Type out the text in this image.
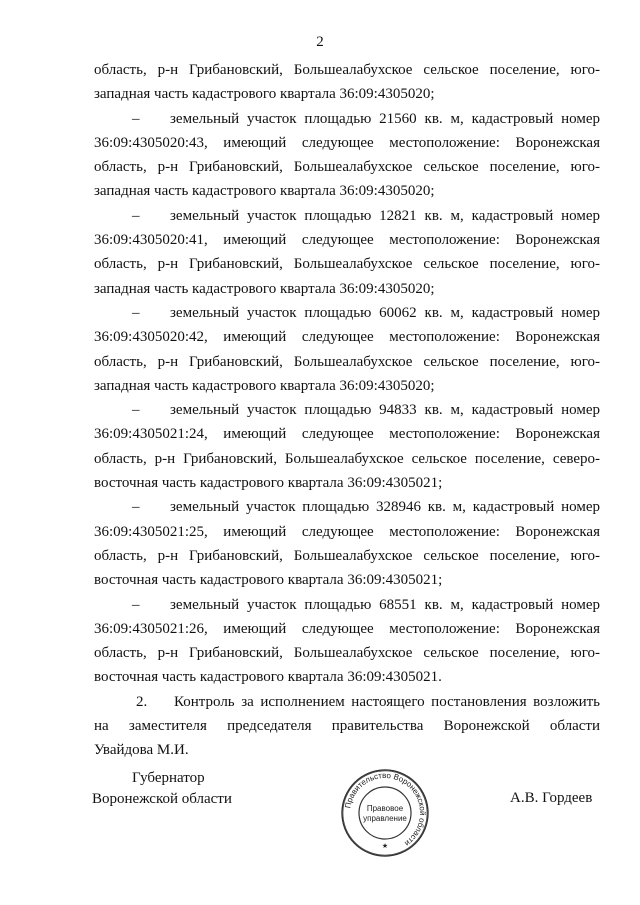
2
область, р-н Грибановский, Большеалабухское сельское поселение, юго-
западная часть кадастрового квартала 36:09:4305020;
– земельный участок площадью 21560 кв. м, кадастровый номер
36:09:4305020:43, имеющий следующее местоположение: Воронежская
область, р-н Грибановский, Большеалабухское сельское поселение, юго-
западная часть кадастрового квартала 36:09:4305020;
– земельный участок площадью 12821 кв. м, кадастровый номер
36:09:4305020:41, имеющий следующее местоположение: Воронежская
область, р-н Грибановский, Большеалабухское сельское поселение, юго-
западная часть кадастрового квартала 36:09:4305020;
– земельный участок площадью 60062 кв. м, кадастровый номер
36:09:4305020:42, имеющий следующее местоположение: Воронежская
область, р-н Грибановский, Большеалабухское сельское поселение, юго-
западная часть кадастрового квартала 36:09:4305020;
– земельный участок площадью 94833 кв. м, кадастровый номер
36:09:4305021:24, имеющий следующее местоположение: Воронежская
область, р-н Грибановский, Большеалабухское сельское поселение, северо-
восточная часть кадастрового квартала 36:09:4305021;
– земельный участок площадью 328946 кв. м, кадастровый номер
36:09:4305021:25, имеющий следующее местоположение: Воронежская
область, р-н Грибановский, Большеалабухское сельское поселение, юго-
восточная часть кадастрового квартала 36:09:4305021;
– земельный участок площадью 68551 кв. м, кадастровый номер
36:09:4305021:26, имеющий следующее местоположение: Воронежская
область, р-н Грибановский, Большеалабухское сельское поселение, юго-
восточная часть кадастрового квартала 36:09:4305021.
2. Контроль за исполнением настоящего постановления возложить
на заместителя председателя правительства Воронежской области
Увайдова М.И.
Губернатор
Воронежской области	Правительство Воронежской области
Правовое
управление
★
А.В. Гордеев
